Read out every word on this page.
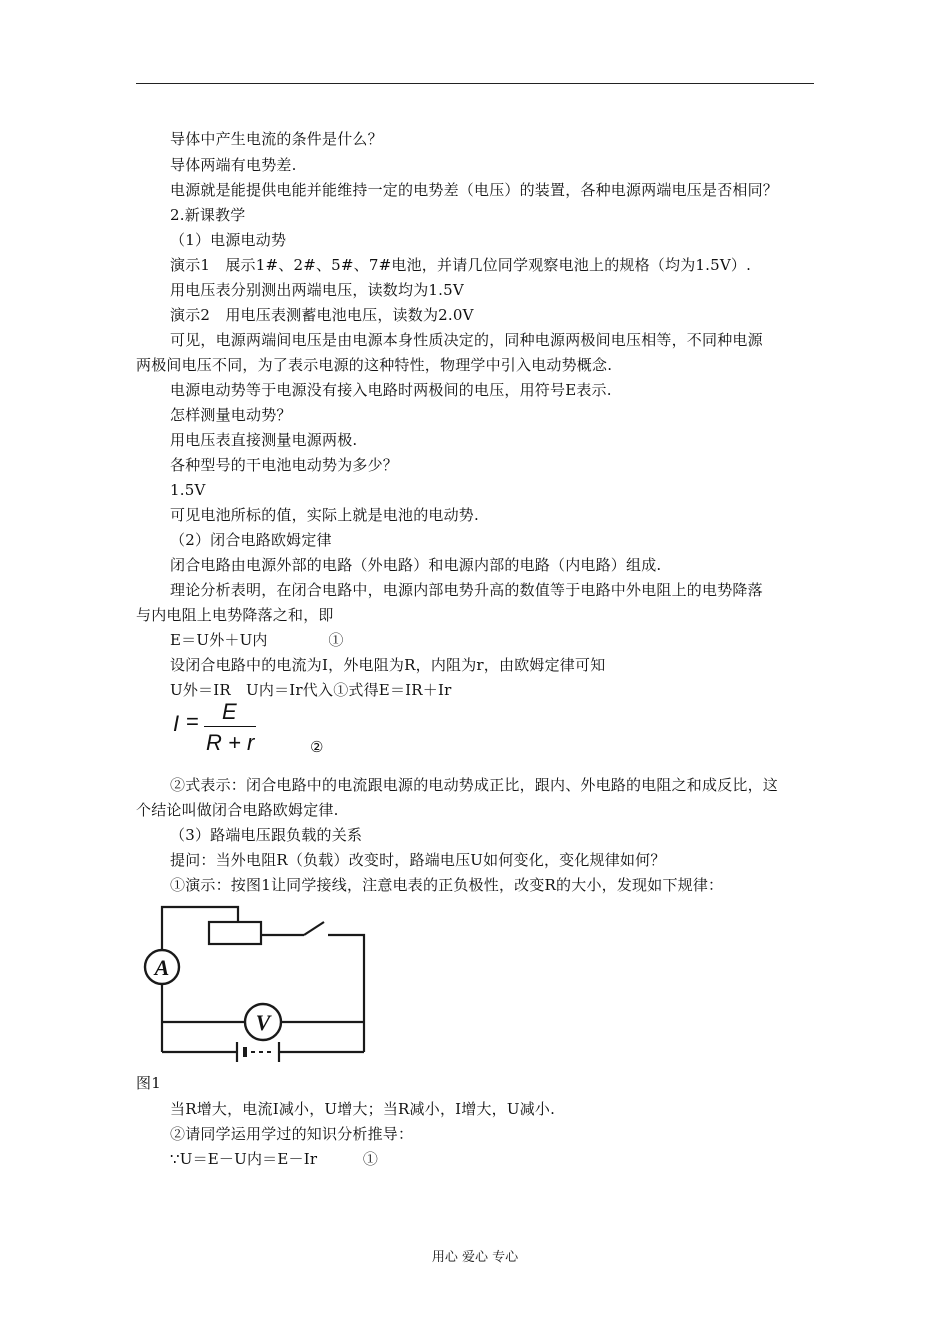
导体中产生电流的条件是什么？
导体两端有电势差.
电源就是能提供电能并能维持一定的电势差（电压）的装置，各种电源两端电压是否相同？
2.新课教学
（1）电源电动势
演示1　展示1#、2#、5#、7#电池，并请几位同学观察电池上的规格（均为1.5V）.
用电压表分别测出两端电压，读数均为1.5V
演示2　用电压表测蓄电池电压，读数为2.0V
可见，电源两端间电压是由电源本身性质决定的，同种电源两极间电压相等，不同种电源
两极间电压不同，为了表示电源的这种特性，物理学中引入电动势概念.
电源电动势等于电源没有接入电路时两极间的电压，用符号E表示.
怎样测量电动势？
用电压表直接测量电源两极.
各种型号的干电池电动势为多少？
1.5V
可见电池所标的值，实际上就是电池的电动势.
（2）闭合电路欧姆定律
闭合电路由电源外部的电路（外电路）和电源内部的电路（内电路）组成.
理论分析表明，在闭合电路中，电源内部电势升高的数值等于电路中外电阻上的电势降落
与内电阻上电势降落之和，即
E＝U外＋U内　　　　①
设闭合电路中的电流为I，外电阻为R，内阻为r，由欧姆定律可知
U外＝IR　U内＝Ir代入①式得E＝IR＋Ir
I = E
R + r	②
②式表示：闭合电路中的电流跟电源的电动势成正比，跟内、外电路的电阻之和成反比，这
个结论叫做闭合电路欧姆定律.
（3）路端电压跟负载的关系
提问：当外电阻R（负载）改变时，路端电压U如何变化，变化规律如何？
①演示：按图1让同学接线，注意电表的正负极性，改变R的大小，发现如下规律：
A
V
图1
当R增大，电流I减小，U增大；当R减小，I增大，U减小.
②请同学运用学过的知识分析推导：
∵U＝E－U内＝E－Ir　　　①
用心 爱心 专心
